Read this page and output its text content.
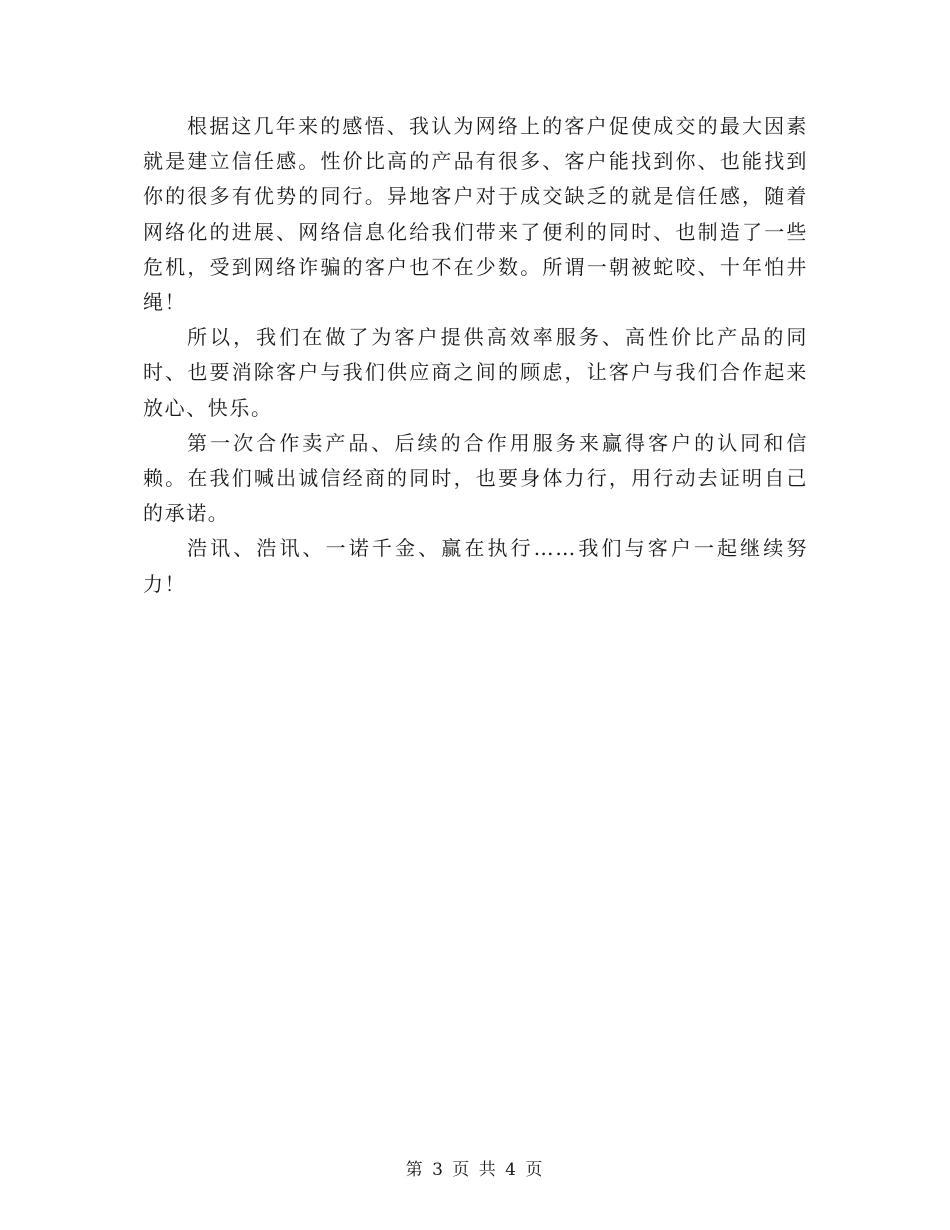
根据这几年来的感悟、我认为网络上的客户促使成交的最大因素就是建立信任感。性价比高的产品有很多、客户能找到你、也能找到你的很多有优势的同行。异地客户对于成交缺乏的就是信任感，随着网络化的进展、网络信息化给我们带来了便利的同时、也制造了一些危机，受到网络诈骗的客户也不在少数。所谓一朝被蛇咬、十年怕井绳！

所以，我们在做了为客户提供高效率服务、高性价比产品的同时、也要消除客户与我们供应商之间的顾虑，让客户与我们合作起来放心、快乐。

第一次合作卖产品、后续的合作用服务来赢得客户的认同和信赖。在我们喊出诚信经商的同时，也要身体力行，用行动去证明自己的承诺。

浩讯、浩讯、一诺千金、赢在执行……我们与客户一起继续努力！

第 3 页 共 4 页
